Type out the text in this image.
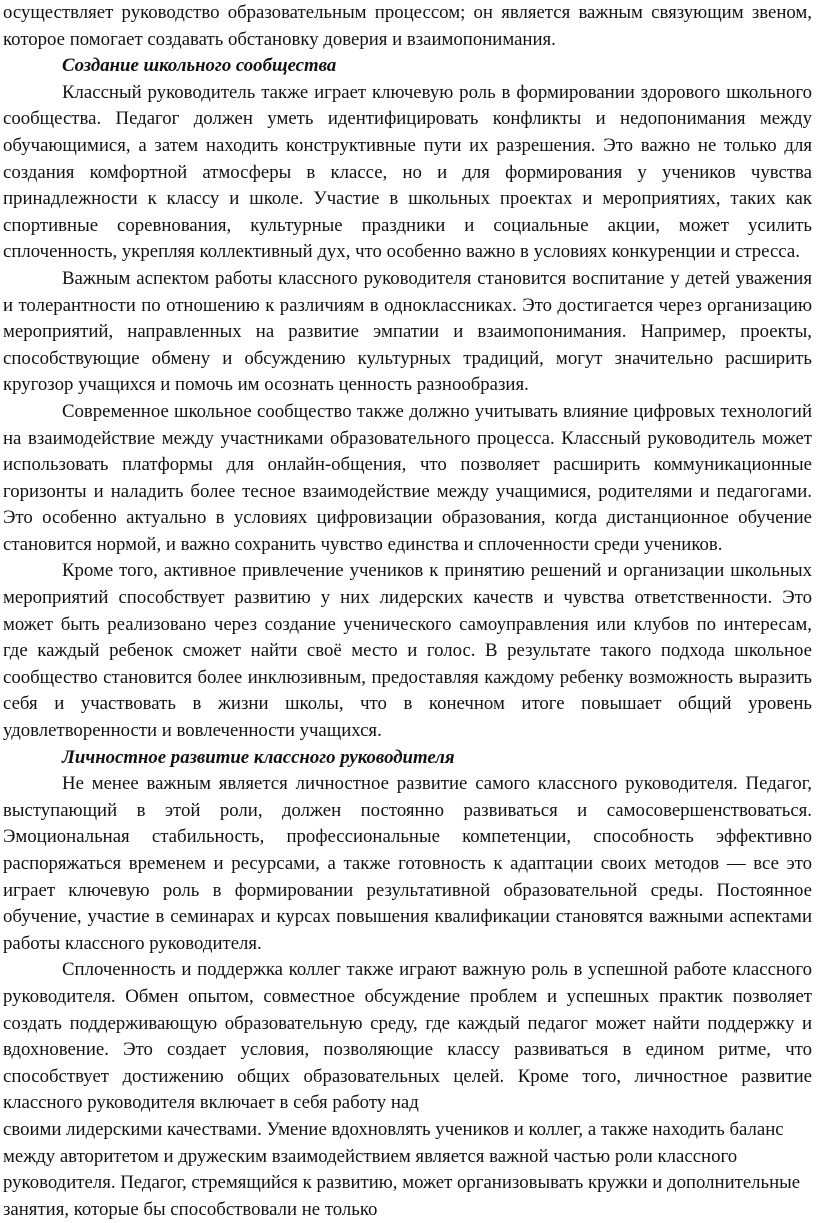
осуществляет руководство образовательным процессом; он является важным связующим звеном, которое помогает создавать обстановку доверия и взаимопонимания.

Создание школьного сообщества

Классный руководитель также играет ключевую роль в формировании здорового школьного сообщества. Педагог должен уметь идентифицировать конфликты и недопонимания между обучающимися, а затем находить конструктивные пути их разрешения. Это важно не только для создания комфортной атмосферы в классе, но и для формирования у учеников чувства принадлежности к классу и школе. Участие в школьных проектах и мероприятиях, таких как спортивные соревнования, культурные праздники и социальные акции, может усилить сплоченность, укрепляя коллективный дух, что особенно важно в условиях конкуренции и стресса.

Важным аспектом работы классного руководителя становится воспитание у детей уважения и толерантности по отношению к различиям в одноклассниках. Это достигается через организацию мероприятий, направленных на развитие эмпатии и взаимопонимания. Например, проекты, способствующие обмену и обсуждению культурных традиций, могут значительно расширить кругозор учащихся и помочь им осознать ценность разнообразия.

Современное школьное сообщество также должно учитывать влияние цифровых технологий на взаимодействие между участниками образовательного процесса. Классный руководитель может использовать платформы для онлайн-общения, что позволяет расширить коммуникационные горизонты и наладить более тесное взаимодействие между учащимися, родителями и педагогами. Это особенно актуально в условиях цифровизации образования, когда дистанционное обучение становится нормой, и важно сохранить чувство единства и сплоченности среди учеников.

Кроме того, активное привлечение учеников к принятию решений и организации школьных мероприятий способствует развитию у них лидерских качеств и чувства ответственности. Это может быть реализовано через создание ученического самоуправления или клубов по интересам, где каждый ребенок сможет найти своё место и голос. В результате такого подхода школьное сообщество становится более инклюзивным, предоставляя каждому ребенку возможность выразить себя и участвовать в жизни школы, что в конечном итоге повышает общий уровень удовлетворенности и вовлеченности учащихся.

Личностное развитие классного руководителя

Не менее важным является личностное развитие самого классного руководителя. Педагог, выступающий в этой роли, должен постоянно развиваться и самосовершенствоваться. Эмоциональная стабильность, профессиональные компетенции, способность эффективно распоряжаться временем и ресурсами, а также готовность к адаптации своих методов — все это играет ключевую роль в формировании результативной образовательной среды. Постоянное обучение, участие в семинарах и курсах повышения квалификации становятся важными аспектами работы классного руководителя.

Сплоченность и поддержка коллег также играют важную роль в успешной работе классного руководителя. Обмен опытом, совместное обсуждение проблем и успешных практик позволяет создать поддерживающую образовательную среду, где каждый педагог может найти поддержку и вдохновение. Это создает условия, позволяющие классу развиваться в едином ритме, что способствует достижению общих образовательных целей. Кроме того, личностное развитие классного руководителя включает в себя работу над

своими лидерскими качествами. Умение вдохновлять учеников и коллег, а также находить баланс между авторитетом и дружеским взаимодействием является важной частью роли классного руководителя. Педагог, стремящийся к развитию, может организовывать кружки и дополнительные занятия, которые бы способствовали не только
